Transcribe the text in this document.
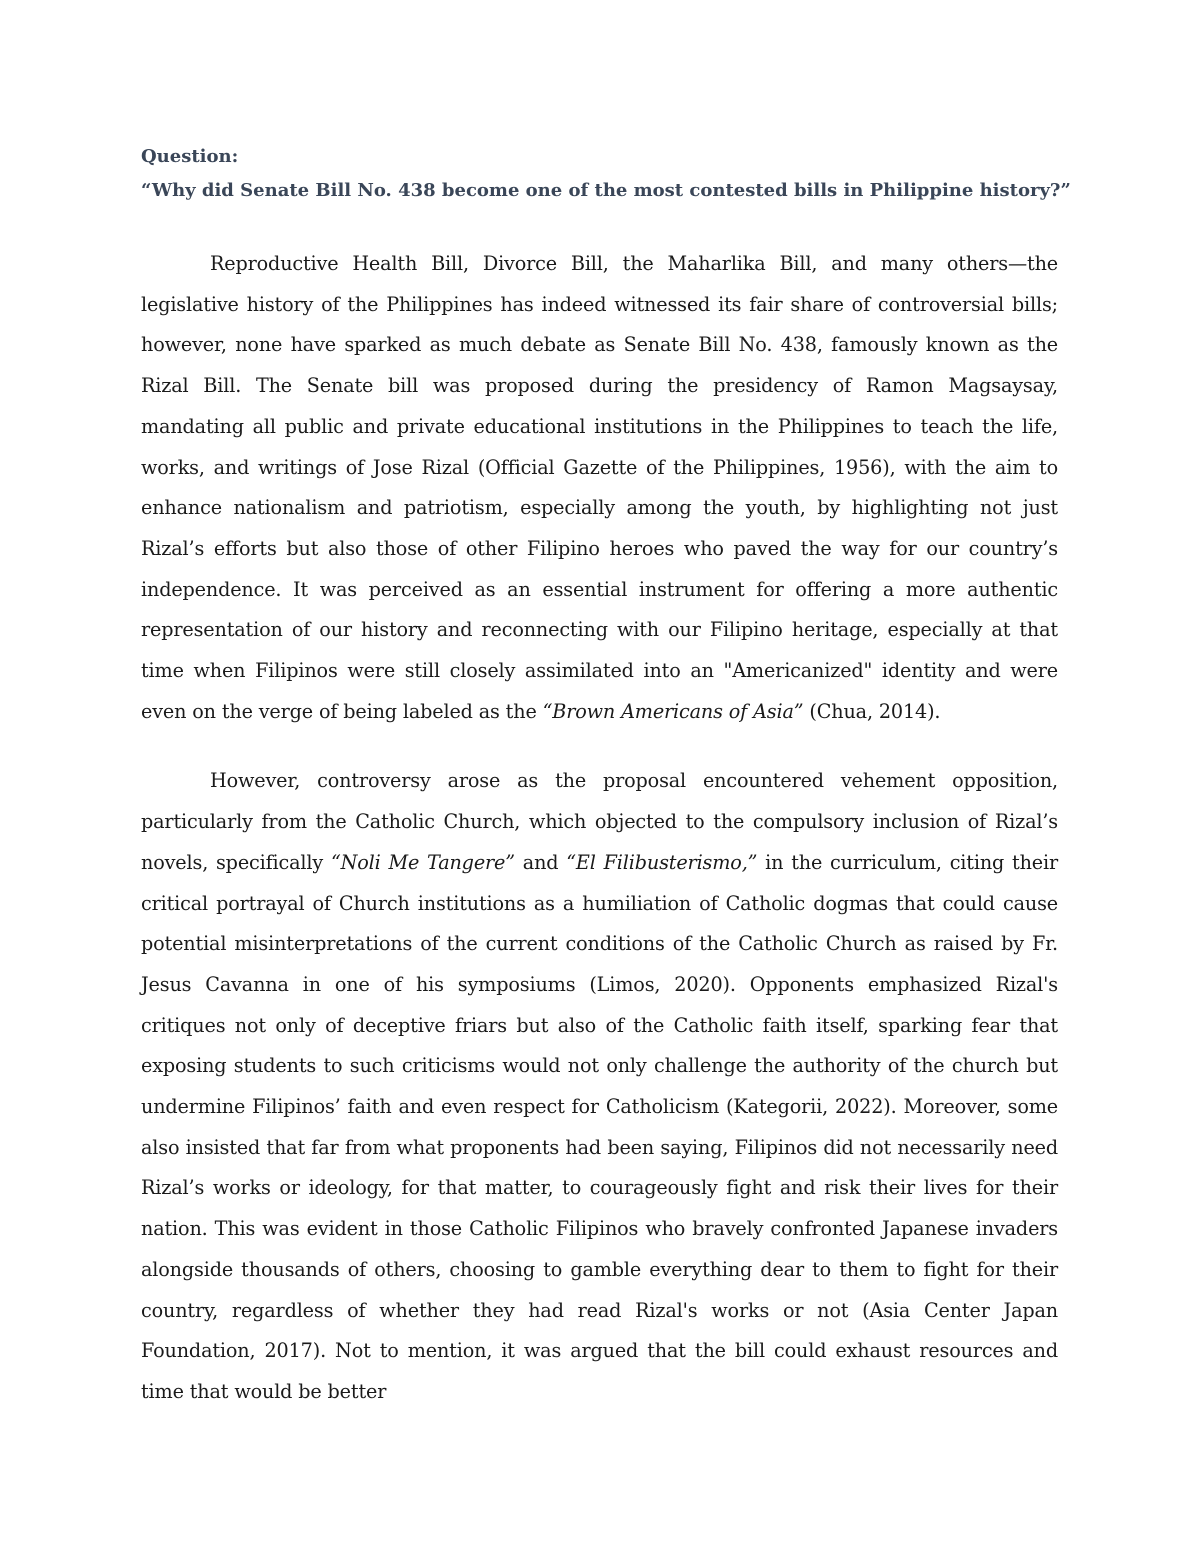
Question:

“Why did Senate Bill No. 438 become one of the most contested bills in Philippine history?”

Reproductive Health Bill, Divorce Bill, the Maharlika Bill, and many others—the legislative history of the Philippines has indeed witnessed its fair share of controversial bills; however, none have sparked as much debate as Senate Bill No. 438, famously known as the Rizal Bill. The Senate bill was proposed during the presidency of Ramon Magsaysay, mandating all public and private educational institutions in the Philippines to teach the life, works, and writings of Jose Rizal (Official Gazette of the Philippines, 1956), with the aim to enhance nationalism and patriotism, especially among the youth, by highlighting not just Rizal’s efforts but also those of other Filipino heroes who paved the way for our country’s independence. It was perceived as an essential instrument for offering a more authentic representation of our history and reconnecting with our Filipino heritage, especially at that time when Filipinos were still closely assimilated into an "Americanized" identity and were even on the verge of being labeled as the “Brown Americans of Asia” (Chua, 2014).

However, controversy arose as the proposal encountered vehement opposition, particularly from the Catholic Church, which objected to the compulsory inclusion of Rizal’s novels, specifically “Noli Me Tangere” and “El Filibusterismo,” in the curriculum, citing their critical portrayal of Church institutions as a humiliation of Catholic dogmas that could cause potential misinterpretations of the current conditions of the Catholic Church as raised by Fr. Jesus Cavanna in one of his symposiums (Limos, 2020). Opponents emphasized Rizal's critiques not only of deceptive friars but also of the Catholic faith itself, sparking fear that exposing students to such criticisms would not only challenge the authority of the church but undermine Filipinos’ faith and even respect for Catholicism (Kategorii, 2022). Moreover, some also insisted that far from what proponents had been saying, Filipinos did not necessarily need Rizal’s works or ideology, for that matter, to courageously fight and risk their lives for their nation. This was evident in those Catholic Filipinos who bravely confronted Japanese invaders alongside thousands of others, choosing to gamble everything dear to them to fight for their country, regardless of whether they had read Rizal's works or not (Asia Center Japan Foundation, 2017). Not to mention, it was argued that the bill could exhaust resources and time that would be better
